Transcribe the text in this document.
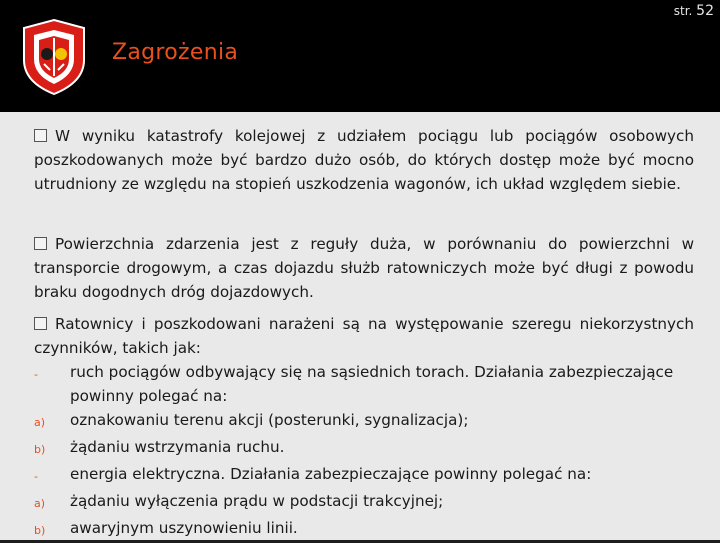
str. 52
Zagrożenia
W wyniku katastrofy kolejowej z udziałem pociągu lub pociągów osobowych poszkodowanych może być bardzo dużo osób, do których dostęp może być mocno utrudniony ze względu na stopień uszkodzenia wagonów, ich układ względem siebie.
Powierzchnia zdarzenia jest z reguły duża, w porównaniu do powierzchni w transporcie drogowym, a czas dojazdu służb ratowniczych może być długi z powodu braku dogodnych dróg dojazdowych.
Ratownicy i poszkodowani narażeni są na występowanie szeregu niekorzystnych czynników, takich jak:
-	ruch pociągów odbywający się na sąsiednich torach. Działania zabezpieczające powinny polegać na:
a)	oznakowaniu terenu akcji (posterunki, sygnalizacja);
b)	żądaniu wstrzymania ruchu.
-	energia elektryczna. Działania zabezpieczające powinny polegać na:
a)	żądaniu wyłączenia prądu w podstacji trakcyjnej;
b)	awaryjnym uszynowieniu linii.
